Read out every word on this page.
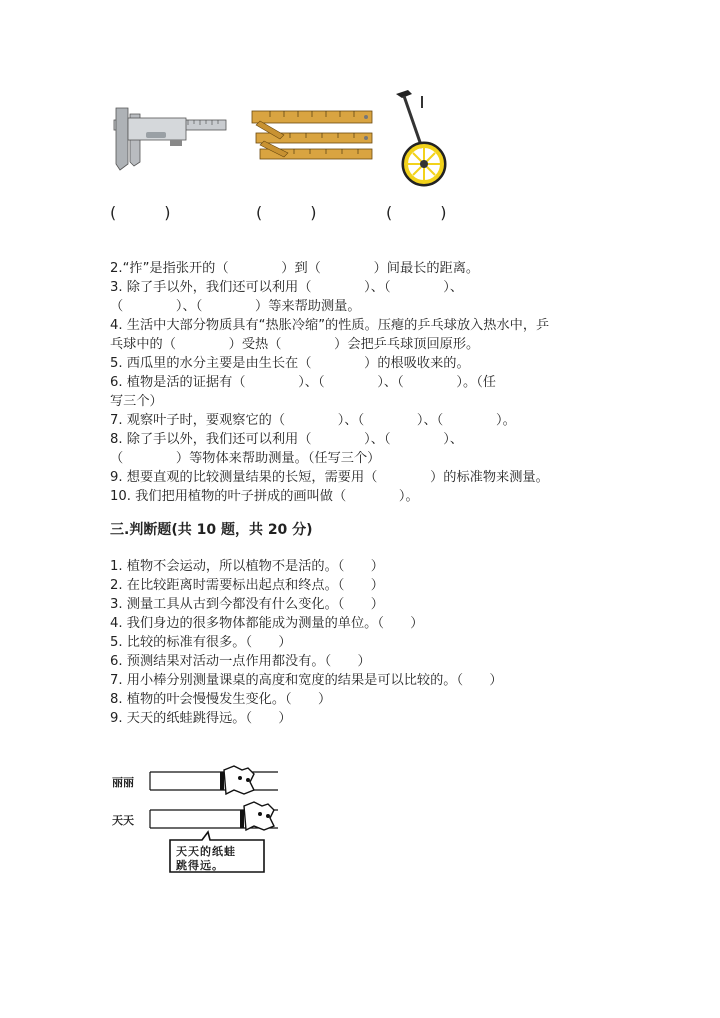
(　　　)	(　　　)	(　　　)
2.“拃”是指张开的（　　　　）到（　　　　）间最长的距离。
3. 除了手以外，我们还可以利用（　　　　）、（　　　　）、
（　　　　）、（　　　　）等来帮助测量。
4. 生活中大部分物质具有“热胀冷缩”的性质。压瘪的乒乓球放入热水中，乒
乓球中的（　　　　）受热（　　　　）会把乒乓球顶回原形。
5. 西瓜里的水分主要是由生长在（　　　　）的根吸收来的。
6. 植物是活的证据有（　　　　）、（　　　　）、（　　　　）。（任
写三个）
7. 观察叶子时，要观察它的（　　　　）、（　　　　）、（　　　　）。
8. 除了手以外，我们还可以利用（　　　　）、（　　　　）、
（　　　　）等物体来帮助测量。（任写三个）
9. 想要直观的比较测量结果的长短，需要用（　　　　）的标准物来测量。
10. 我们把用植物的叶子拼成的画叫做（　　　　）。
三.判断题(共 10 题，共 20 分)
1. 植物不会运动，所以植物不是活的。（　　）
2. 在比较距离时需要标出起点和终点。（　　）
3. 测量工具从古到今都没有什么变化。（　　）
4. 我们身边的很多物体都能成为测量的单位。（　　）
5. 比较的标准有很多。（　　）
6. 预测结果对活动一点作用都没有。（　　）
7. 用小棒分别测量课桌的高度和宽度的结果是可以比较的。（　　）
8. 植物的叶会慢慢发生变化。（　　）
9. 天天的纸蛙跳得远。（　　）
丽丽
天天
天天的纸蛙
跳得远。
